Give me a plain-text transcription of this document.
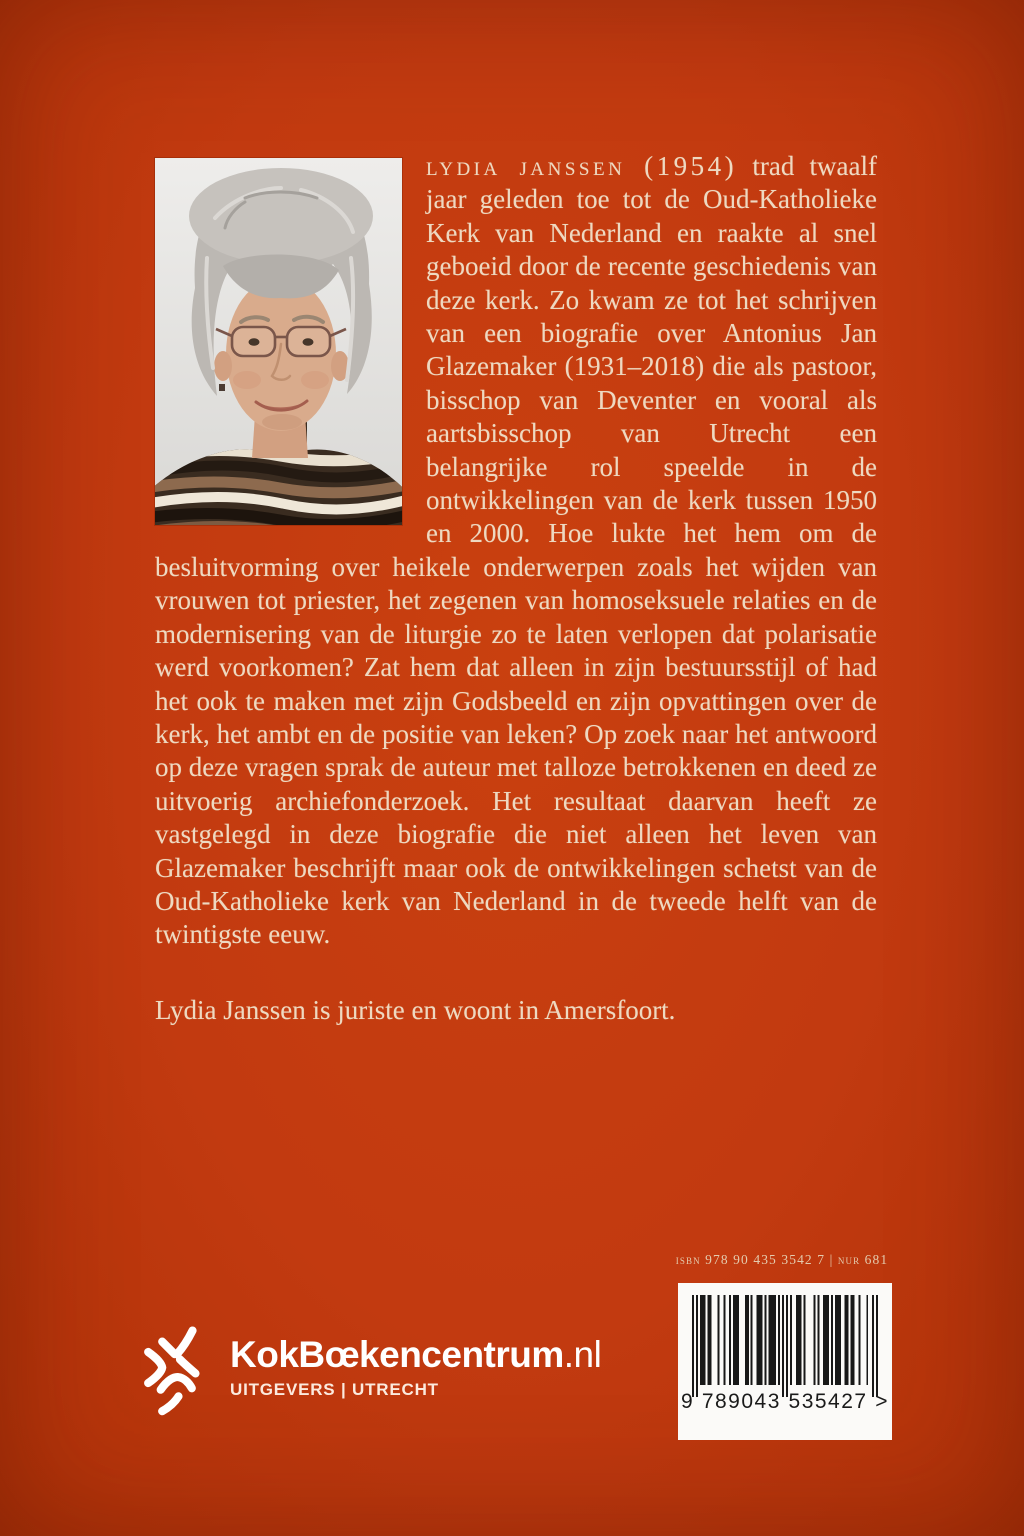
lydia janssen (1954) trad twaalf jaar geleden toe tot de Oud-Katholieke Kerk van Nederland en raakte al snel geboeid door de recente geschiedenis van deze kerk. Zo kwam ze tot het schrijven van een biografie over Antonius Jan Glazemaker (1931–2018) die als pastoor, bisschop van Deventer en vooral als aartsbisschop van Utrecht een belangrijke rol speelde in de ontwikkelingen van de kerk tussen 1950 en 2000. Hoe lukte het hem om de besluitvorming over heikele onderwerpen zoals het wijden van vrouwen tot priester, het zegenen van homoseksuele relaties en de modernisering van de liturgie zo te laten verlopen dat polarisatie werd voorkomen? Zat hem dat alleen in zijn bestuursstijl of had het ook te maken met zijn Godsbeeld en zijn opvattingen over de kerk, het ambt en de positie van leken? Op zoek naar het antwoord op deze vragen sprak de auteur met talloze betrokkenen en deed ze uitvoerig archiefonderzoek. Het resultaat daarvan heeft ze vastgelegd in deze biografie die niet alleen het leven van Glazemaker beschrijft maar ook de ontwikkelingen schetst van de Oud-Katholieke kerk van Nederland in de tweede helft van de twintigste eeuw.

Lydia Janssen is juriste en woont in Amersfoort.

KokBœkencentrum.nl
UITGEVERS | UTRECHT
isbn 978 90 435 3542 7 | nur 681
9 789043 535427 >
